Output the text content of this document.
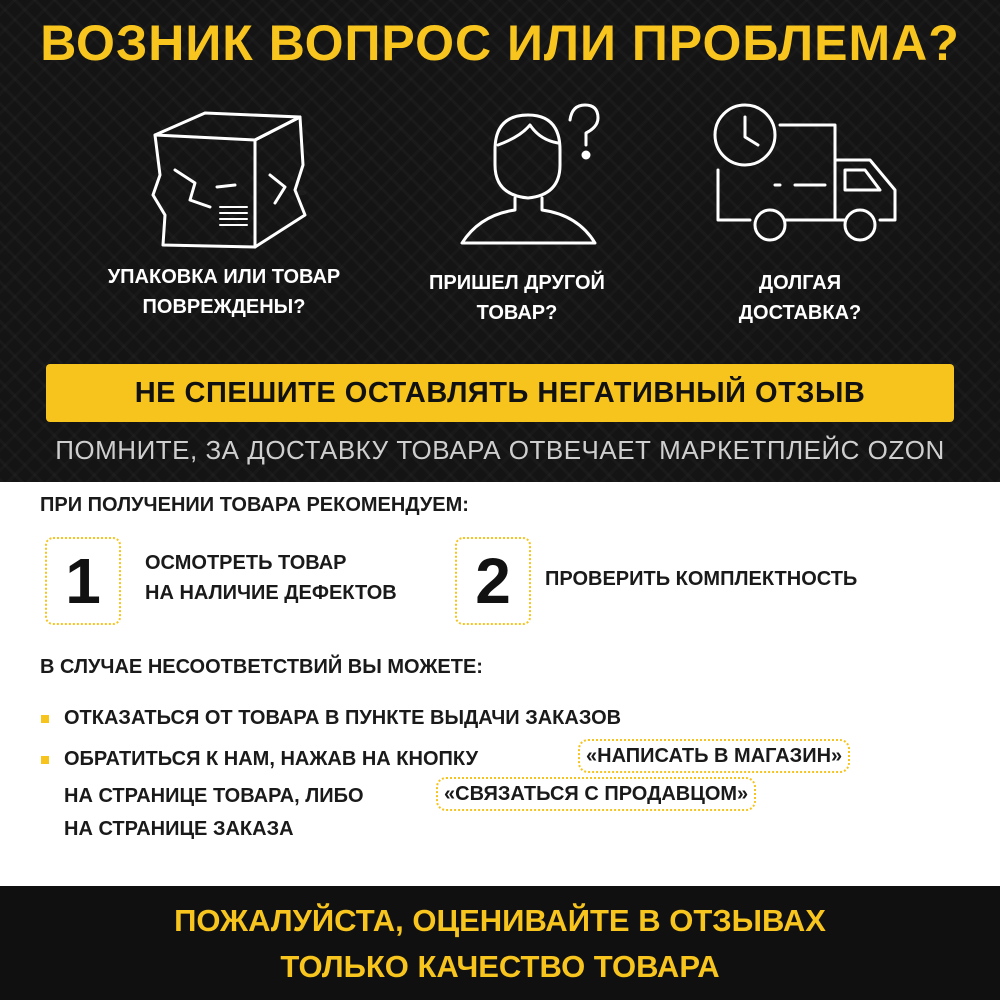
ВОЗНИК ВОПРОС ИЛИ ПРОБЛЕМА?
УПАКОВКА ИЛИ ТОВАР
ПОВРЕЖДЕНЫ?
ПРИШЕЛ ДРУГОЙ
ТОВАР?
ДОЛГАЯ
ДОСТАВКА?
НЕ СПЕШИТЕ ОСТАВЛЯТЬ НЕГАТИВНЫЙ ОТЗЫВ
ПОМНИТЕ, ЗА ДОСТАВКУ ТОВАРА ОТВЕЧАЕТ МАРКЕТПЛЕЙС OZON
ПРИ ПОЛУЧЕНИИ ТОВАРА РЕКОМЕНДУЕМ:
1	ОСМОТРЕТЬ ТОВАР
НА НАЛИЧИЕ ДЕФЕКТОВ	2	ПРОВЕРИТЬ КОМПЛЕКТНОСТЬ
В СЛУЧАЕ НЕСООТВЕТСТВИЙ ВЫ МОЖЕТЕ:
ОТКАЗАТЬСЯ ОТ ТОВАРА В ПУНКТЕ ВЫДАЧИ ЗАКАЗОВ
ОБРАТИТЬСЯ К НАМ, НАЖАВ НА КНОПКУ	«НАПИСАТЬ В МАГАЗИН»
НА СТРАНИЦЕ ТОВАРА, ЛИБО	«СВЯЗАТЬСЯ С ПРОДАВЦОМ»
НА СТРАНИЦЕ ЗАКАЗА
ПОЖАЛУЙСТА, ОЦЕНИВАЙТЕ В ОТЗЫВАХ
ТОЛЬКО КАЧЕСТВО ТОВАРА
